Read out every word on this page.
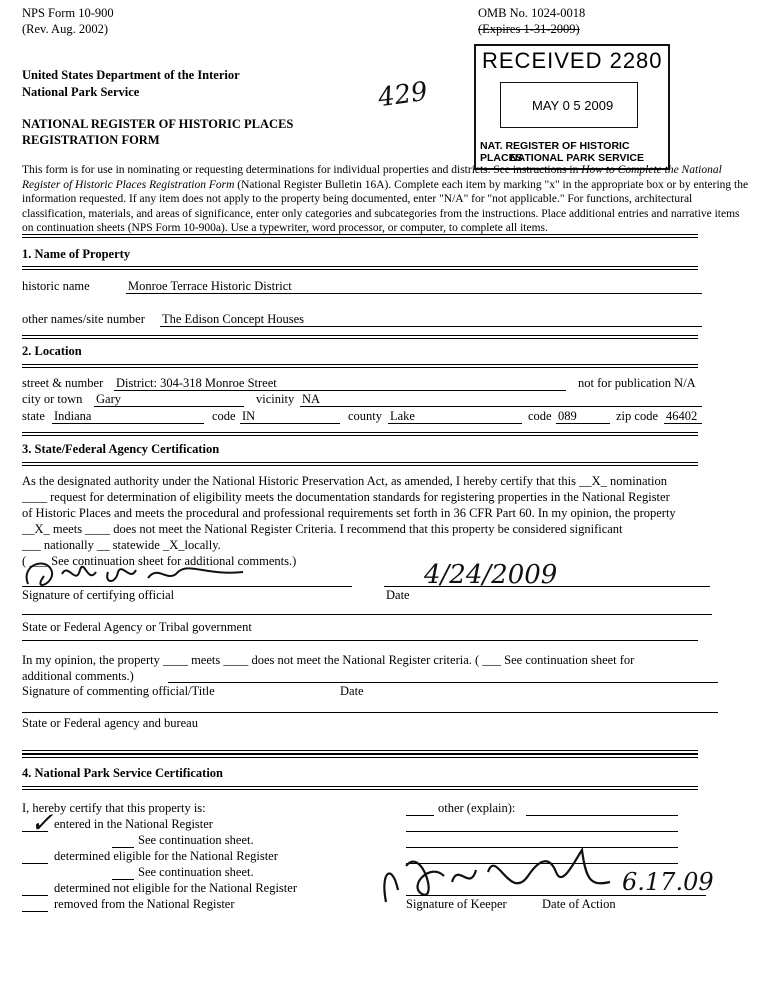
NPS Form 10-900
(Rev. Aug. 2002)
OMB No. 1024-0018
(Expires 1-31-2009)
United States Department of the Interior
National Park Service
NATIONAL REGISTER OF HISTORIC PLACES
REGISTRATION FORM
429
RECEIVED 2280
MAY 0 5 2009
NAT. REGISTER OF HISTORIC PLACES
NATIONAL PARK SERVICE
This form is for use in nominating or requesting determinations for individual properties and districts. See instructions in How to Complete the National
Register of Historic Places Registration Form (National Register Bulletin 16A). Complete each item by marking "x" in the appropriate box or by entering the
information requested. If any item does not apply to the property being documented, enter "N/A" for "not applicable." For functions, architectural
classification, materials, and areas of significance, enter only categories and subcategories from the instructions. Place additional entries and narrative items
on continuation sheets (NPS Form 10-900a). Use a typewriter, word processor, or computer, to complete all items.
1. Name of Property
historic name	Monroe Terrace Historic District
other names/site number The Edison Concept Houses
2. Location
street & number District: 304-318 Monroe Street	not for publication N/A
city or town Gary	vicinity NA
state Indiana	code IN	county Lake	code 089	zip code 46402
3. State/Federal Agency Certification
As the designated authority under the National Historic Preservation Act, as amended, I hereby certify that this __X_ nomination
____ request for determination of eligibility meets the documentation standards for registering properties in the National Register
of Historic Places and meets the procedural and professional requirements set forth in 36 CFR Part 60. In my opinion, the property
__X_ meets ____ does not meet the National Register Criteria. I recommend that this property be considered significant
___ nationally __ statewide _X_locally.
( ___ See continuation sheet for additional comments.)
Signature of certifying official
4/24/2009
Date
State or Federal Agency or Tribal government
In my opinion, the property ____ meets ____ does not meet the National Register criteria. ( ___ See continuation sheet for
additional comments.)
Signature of commenting official/Title	Date
State or Federal agency and bureau
4. National Park Service Certification
I, hereby certify that this property is:
✓ entered in the National Register
See continuation sheet.
determined eligible for the National Register
See continuation sheet.
determined not eligible for the National Register
removed from the National Register
other (explain):
6.17.09
Signature of Keeper	Date of Action
